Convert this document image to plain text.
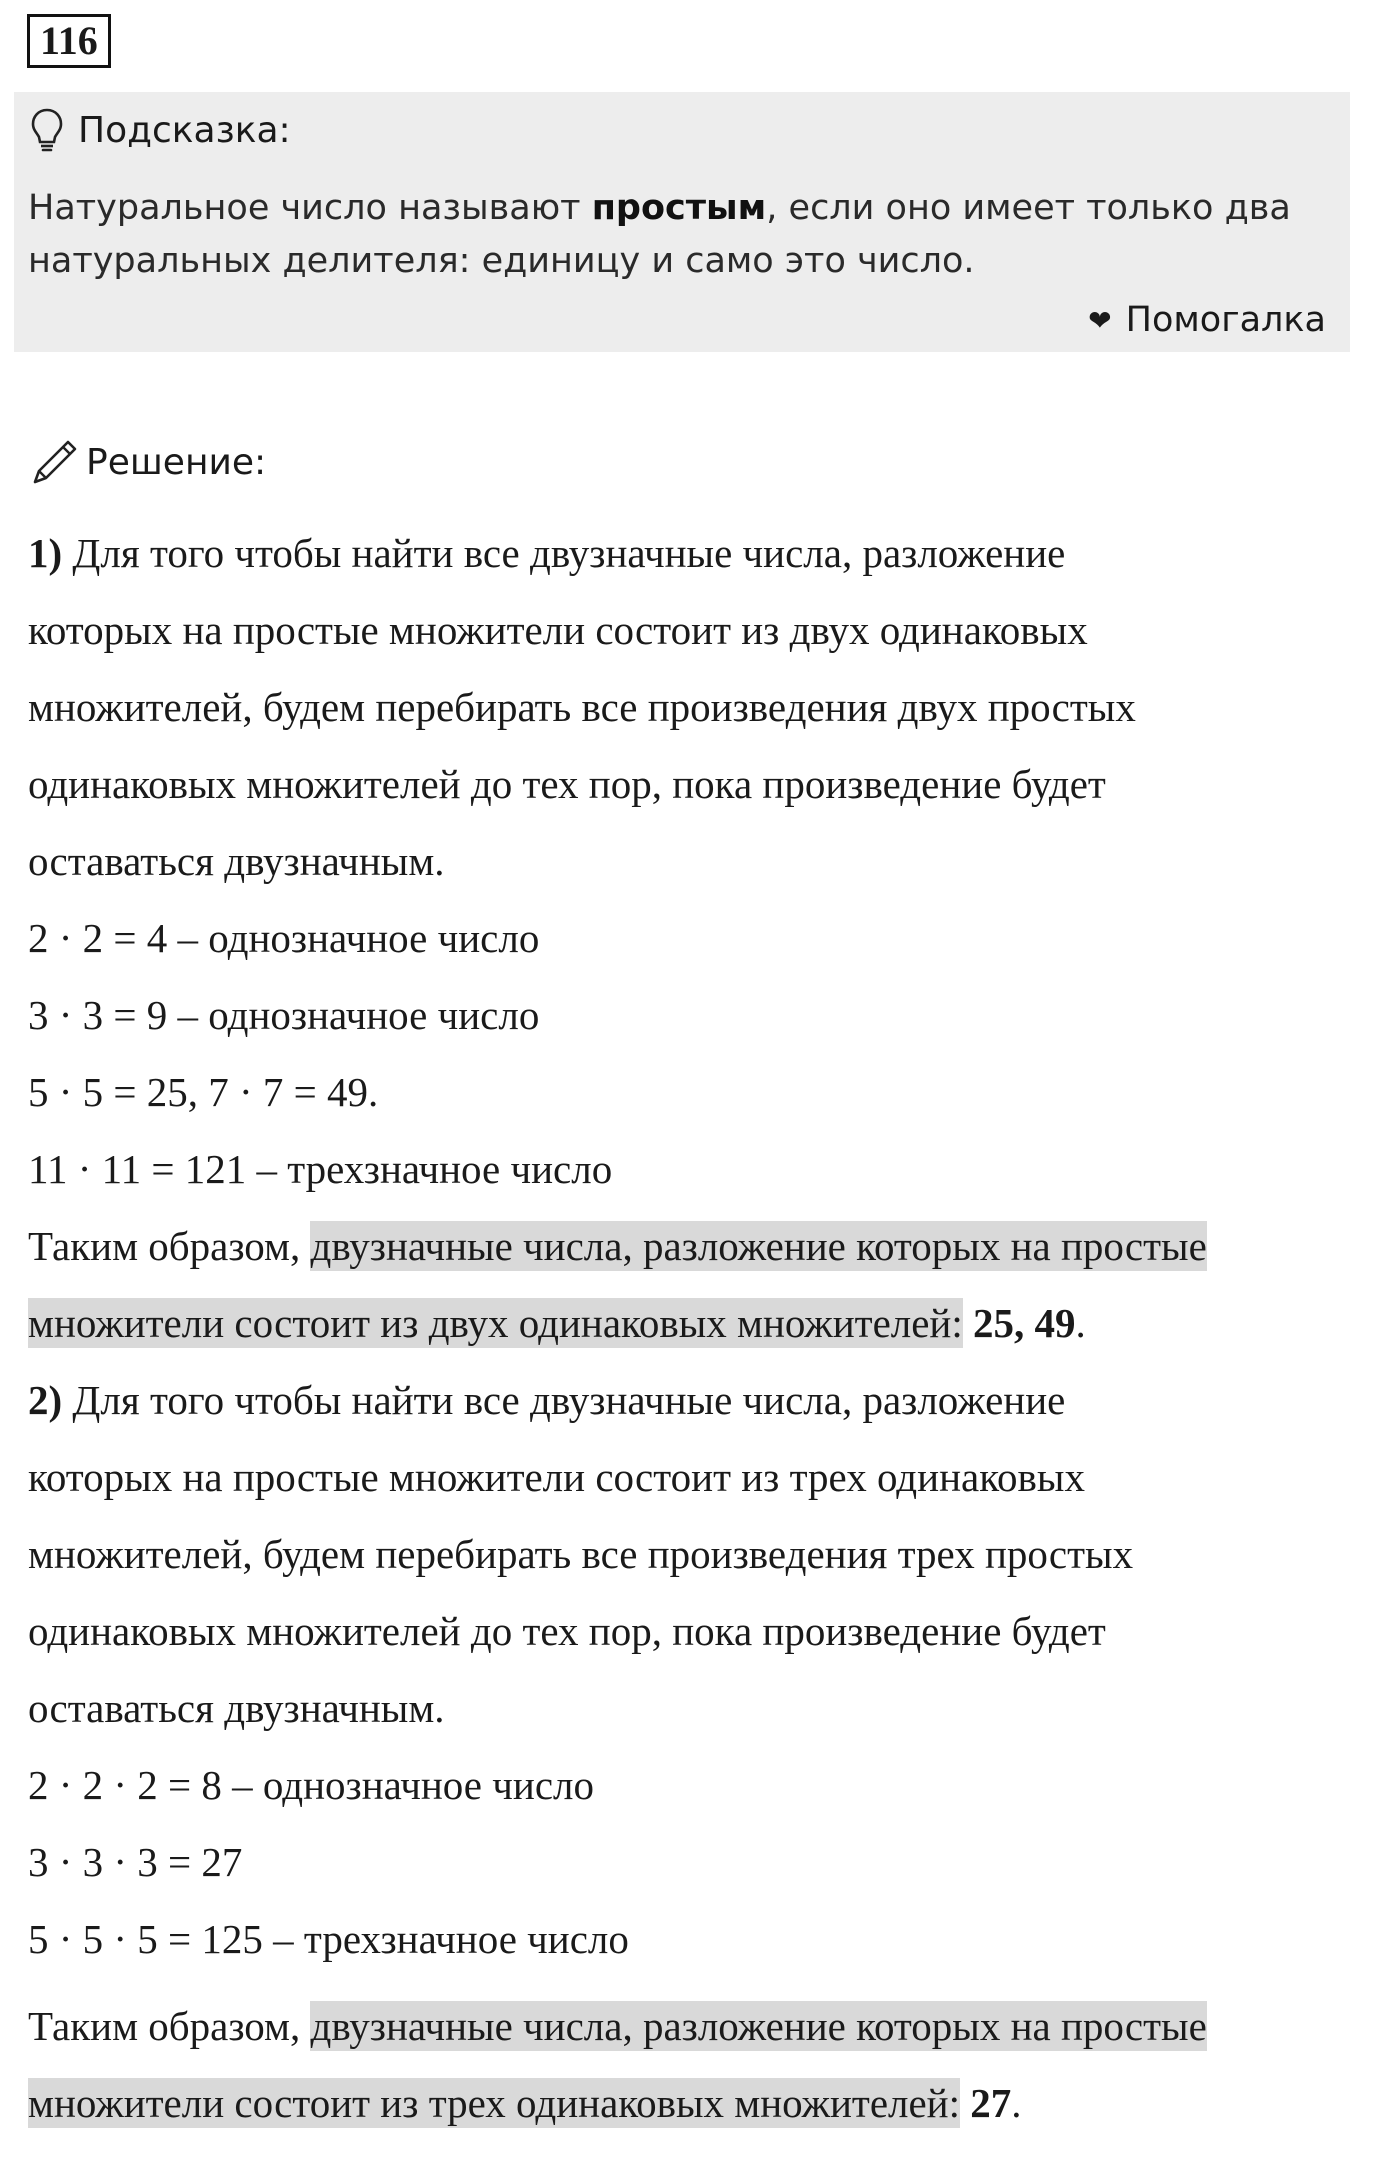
116
Подсказка:
Натуральное число называют простым, если оно имеет только два
натуральных делителя: единицу и само это число.
❤ Помогалка
Решение:
1) Для того чтобы найти все двузначные числа, разложение
которых на простые множители состоит из двух одинаковых
множителей, будем перебирать все произведения двух простых
одинаковых множителей до тех пор, пока произведение будет
оставаться двузначным.
2 · 2 = 4 – однозначное число
3 · 3 = 9 – однозначное число
5 · 5 = 25, 7 · 7 = 49.
11 · 11 = 121 – трехзначное число
Таким образом, двузначные числа, разложение которых на простые
множители состоит из двух одинаковых множителей: 25, 49.
2) Для того чтобы найти все двузначные числа, разложение
которых на простые множители состоит из трех одинаковых
множителей, будем перебирать все произведения трех простых
одинаковых множителей до тех пор, пока произведение будет
оставаться двузначным.
2 · 2 · 2 = 8 – однозначное число
3 · 3 · 3 = 27
5 · 5 · 5 = 125 – трехзначное число
Таким образом, двузначные числа, разложение которых на простые
множители состоит из трех одинаковых множителей: 27.
